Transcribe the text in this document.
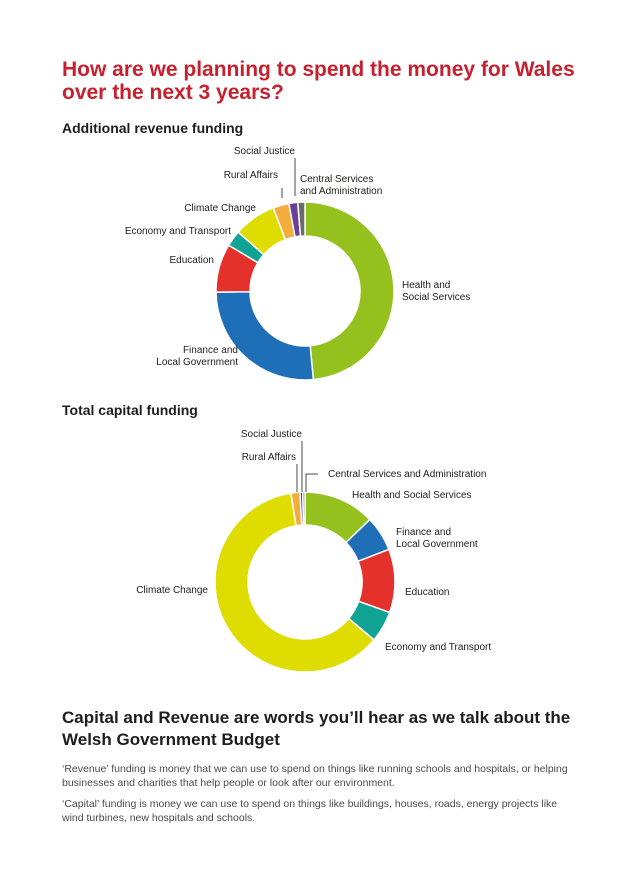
How are we planning to spend the money for Wales over the next 3 years?
Additional revenue funding
Health and Social Services
Finance and Local Government
Education
Economy and Transport
Climate Change
Rural Affairs
Social Justice
Central Services and Administration
Total capital funding
Health and Social Services
Finance and Local Government
Education
Economy and Transport
Climate Change
Rural Affairs
Social Justice
Central Services and Administration
Capital and Revenue are words you’ll hear as we talk about the Welsh Government Budget

‘Revenue’ funding is money that we can use to spend on things like running schools and hospitals, or helping businesses and charities that help people or look after our environment.

‘Capital’ funding is money we can use to spend on things like buildings, houses, roads, energy projects like wind turbines, new hospitals and schools.
